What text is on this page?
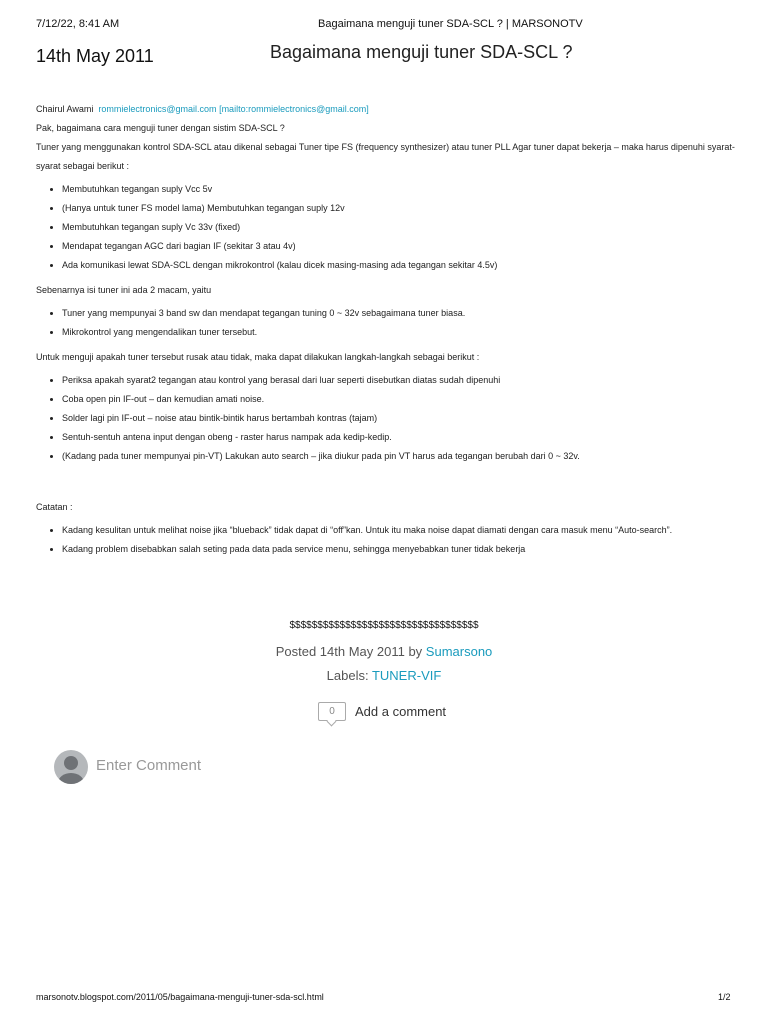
7/12/22, 8:41 AM	Bagaimana menguji tuner SDA-SCL ? | MARSONOTV
14th May 2011	Bagaimana menguji tuner SDA-SCL ?

Chairul Awami rommielectronics@gmail.com [mailto:rommielectronics@gmail.com]

Pak, bagaimana cara menguji tuner dengan sistim SDA-SCL ?

Tuner yang menggunakan kontrol SDA-SCL atau dikenal sebagai Tuner tipe FS (frequency synthesizer) atau tuner PLL Agar tuner dapat bekerja – maka harus dipenuhi syarat-syarat sebagai berikut :

• Membutuhkan tegangan suply Vcc 5v
• (Hanya untuk tuner FS model lama) Membutuhkan tegangan suply 12v
• Membutuhkan tegangan suply Vc 33v (fixed)
• Mendapat tegangan AGC dari bagian IF (sekitar 3 atau 4v)
• Ada komunikasi lewat SDA-SCL dengan mikrokontrol (kalau dicek masing-masing ada tegangan sekitar 4.5v)

Sebenarnya isi tuner ini ada 2 macam, yaitu

• Tuner yang mempunyai 3 band sw dan mendapat tegangan tuning 0 ~ 32v sebagaimana tuner biasa.
• Mikrokontrol yang mengendalikan tuner tersebut.

Untuk menguji apakah tuner tersebut rusak atau tidak, maka dapat dilakukan langkah-langkah sebagai berikut :

• Periksa apakah syarat2 tegangan atau kontrol yang berasal dari luar seperti disebutkan diatas sudah dipenuhi
• Coba open pin IF-out – dan kemudian amati noise.
• Solder lagi pin IF-out – noise atau bintik-bintik harus bertambah kontras (tajam)
• Sentuh-sentuh antena input dengan obeng - raster harus nampak ada kedip-kedip.
• (Kadang pada tuner mempunyai pin-VT) Lakukan auto search – jika diukur pada pin VT harus ada tegangan berubah dari 0 ~ 32v.

Catatan :

• Kadang kesulitan untuk melihat noise jika “blueback” tidak dapat di “off”kan. Untuk itu maka noise dapat diamati dengan cara masuk menu “Auto-search”.
• Kadang problem disebabkan salah seting pada data pada service menu, sehingga menyebabkan tuner tidak bekerja
$$$$$$$$$$$$$$$$$$$$$$$$$$$$$$$$$$
Posted 14th May 2011 by Sumarsono
Labels: TUNER-VIF
0	Add a comment
Enter Comment
marsonotv.blogspot.com/2011/05/bagaimana-menguji-tuner-sda-scl.html	1/2
